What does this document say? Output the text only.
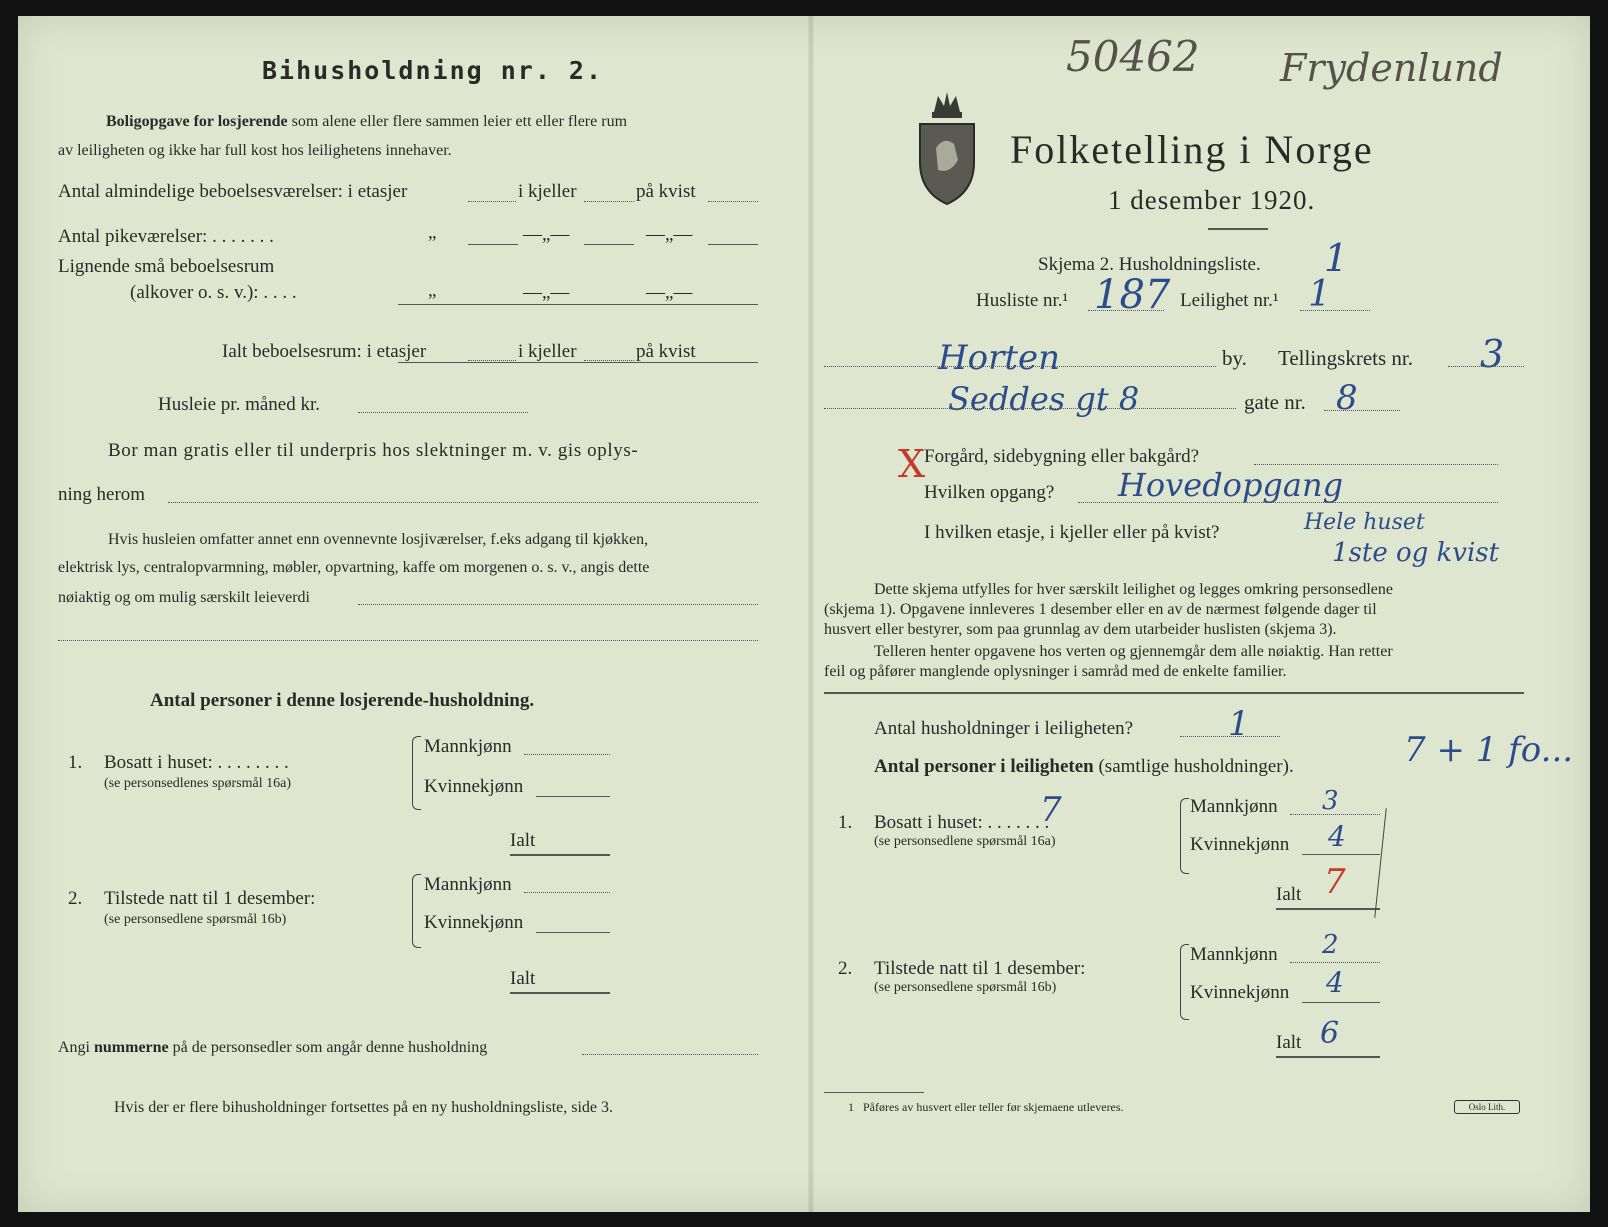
Bihusholdning nr. 2.
Boligopgave for losjerende som alene eller flere sammen leier ett eller flere rum
av leiligheten og ikke har full kost hos leilighetens innehaver.
Antal almindelige beboelsesværelser: i etasjer	i kjeller	på kvist
Antal pikeværelser: . . . . . . .	„	—„—	—„—
Lignende små beboelsesrum
(alkover o. s. v.): . . . .	„	—„—	—„—
Ialt beboelsesrum: i etasjer	i kjeller	på kvist
Husleie pr. måned kr.
Bor man gratis eller til underpris hos slektninger m. v. gis oplys-
ning herom
Hvis husleien omfatter annet enn ovennevnte losjiværelser, f.eks adgang til kjøkken,
elektrisk lys, centralopvarmning, møbler, opvartning, kaffe om morgenen o. s. v., angis dette
nøiaktig og om mulig særskilt leieverdi
Antal personer i denne losjerende-husholdning.
1. Bosatt i huset: . . . . . . . .
(se personsedlenes spørsmål 16a)
Mannkjønn
Kvinnekjønn
Ialt
2. Tilstede natt til 1 desember:
(se personsedlene spørsmål 16b)
Mannkjønn
Kvinnekjønn
Ialt
Angi nummerne på de personsedler som angår denne husholdning
Hvis der er flere bihusholdninger fortsettes på en ny husholdningsliste, side 3.
50462 Frydenlund
Folketelling i Norge
1 desember 1920.
Skjema 2. Husholdningsliste. 1
Husliste nr.¹ 187 Leilighet nr.¹ 1
Horten	by. Tellingskrets nr. 3
Seddes gt 8	gate nr. 8
X
Forgård, sidebygning eller bakgård?
Hvilken opgang? Hovedopgang
I hvilken etasje, i kjeller eller på kvist?	Hele huset
1ste og kvist
Dette skjema utfylles for hver særskilt leilighet og legges omkring personsedlene
(skjema 1). Opgavene innleveres 1 desember eller en av de nærmest følgende dager til
husvert eller bestyrer, som paa grunnlag av dem utarbeider huslisten (skjema 3).
Telleren henter opgavene hos verten og gjennemgår dem alle nøiaktig. Han retter
feil og påfører manglende oplysninger i samråd med de enkelte familier.
Antal husholdninger i leiligheten?	1
Antal personer i leiligheten (samtlige husholdninger).	7 + 1 fo...
1. Bosatt i huset: . . . . . . .
7
(se personsedlene spørsmål 16a)
Mannkjønn 3
Kvinnekjønn 4
Ialt 7
2. Tilstede natt til 1 desember:
(se personsedlene spørsmål 16b)
Mannkjønn 2
Kvinnekjønn 4
Ialt 6
1 Påføres av husvert eller teller før skjemaene utleveres.	Oslo Lith.
